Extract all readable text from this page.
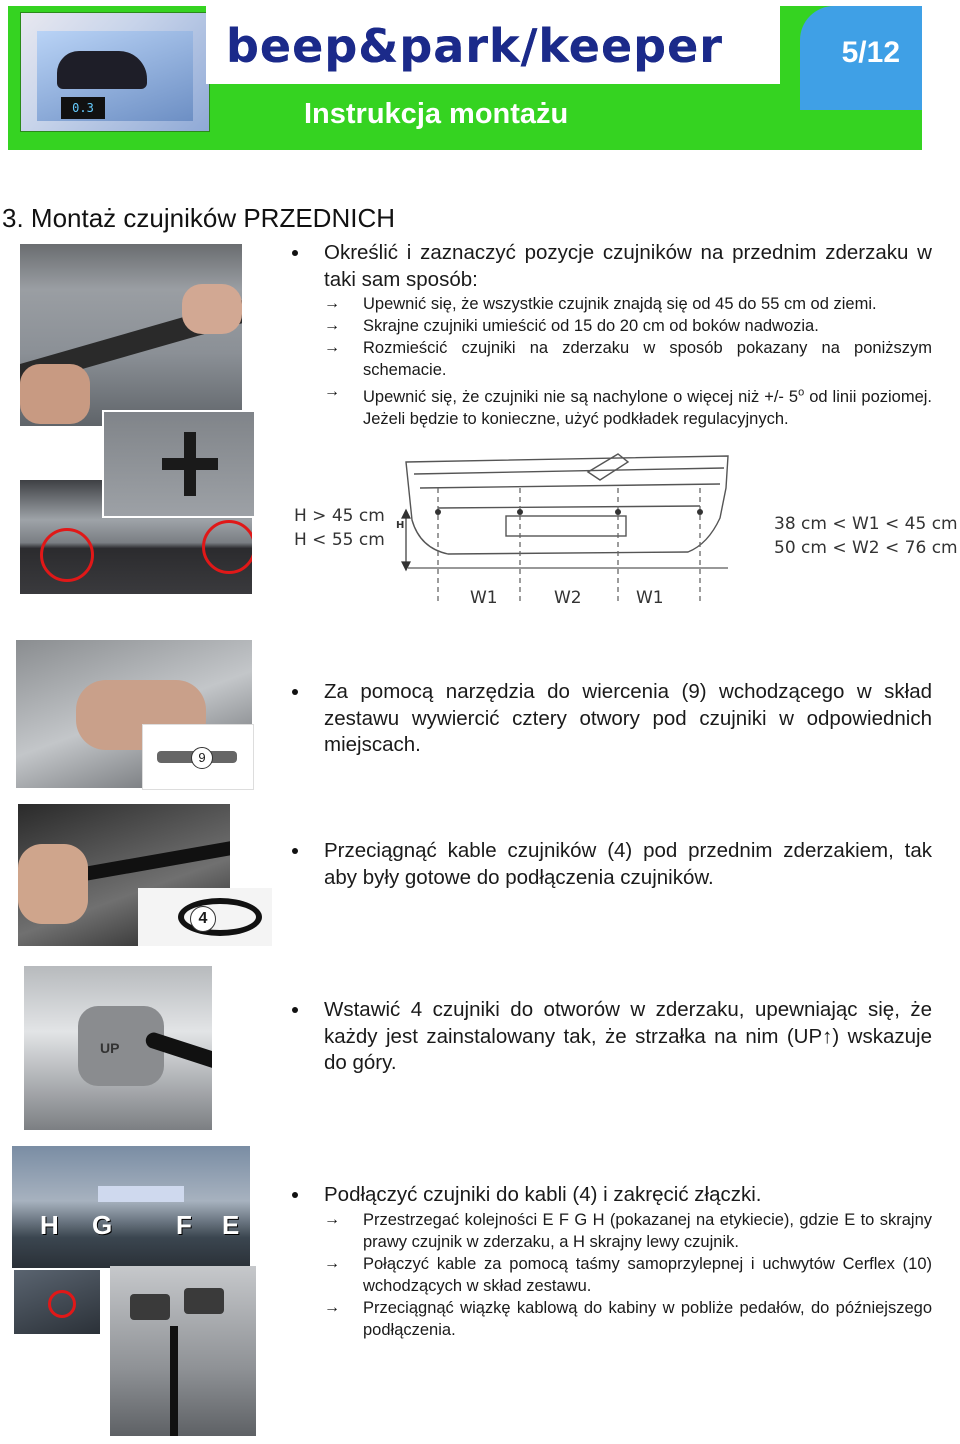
0.3
beep&park/keeper
Instrukcja montażu
5/12
3. Montaż czujników PRZEDNICH
Określić i zaznaczyć pozycje czujników na przednim zderzaku w taki sam sposób:
→ Upewnić się, że wszystkie czujnik znajdą się od 45 do 55 cm od ziemi.
→ Skrajne czujniki umieścić od 15 do 20 cm od boków nadwozia.
→ Rozmieścić czujniki na zderzaku w sposób pokazany na poniższym schemacie.
→ Upewnić się, że czujniki nie są nachylone o więcej niż +/- 5$^o$ od linii poziomej. Jeżeli będzie to konieczne, użyć podkładek regulacyjnych.
H > 45 cm
H < 55 cm
H	38 cm < W1 < 45 cm
50 cm < W2 < 76 cm
W1	W2	W1
9
Za pomocą narzędzia do wiercenia (9) wchodzącego w skład zestawu wywiercić cztery otwory pod czujniki w odpowiednich miejscach.
4
Przeciągnąć kable czujników (4) pod przednim zderzakiem, tak aby były gotowe do podłączenia czujników.
UP
Wstawić 4 czujniki do otworów w zderzaku, upewniając się, że każdy jest zainstalowany tak, że strzałka na nim (UP↑) wskazuje do góry.
H G F E
Podłączyć czujniki do kabli (4) i zakręcić złączki.
→ Przestrzegać kolejności E F G H (pokazanej na etykiecie), gdzie E to skrajny prawy czujnik w zderzaku, a H skrajny lewy czujnik.
→ Połączyć kable za pomocą taśmy samoprzylepnej i uchwytów Cerflex (10) wchodzących w skład zestawu.
→ Przeciągnąć wiązkę kablową do kabiny w pobliże pedałów, do późniejszego podłączenia.
